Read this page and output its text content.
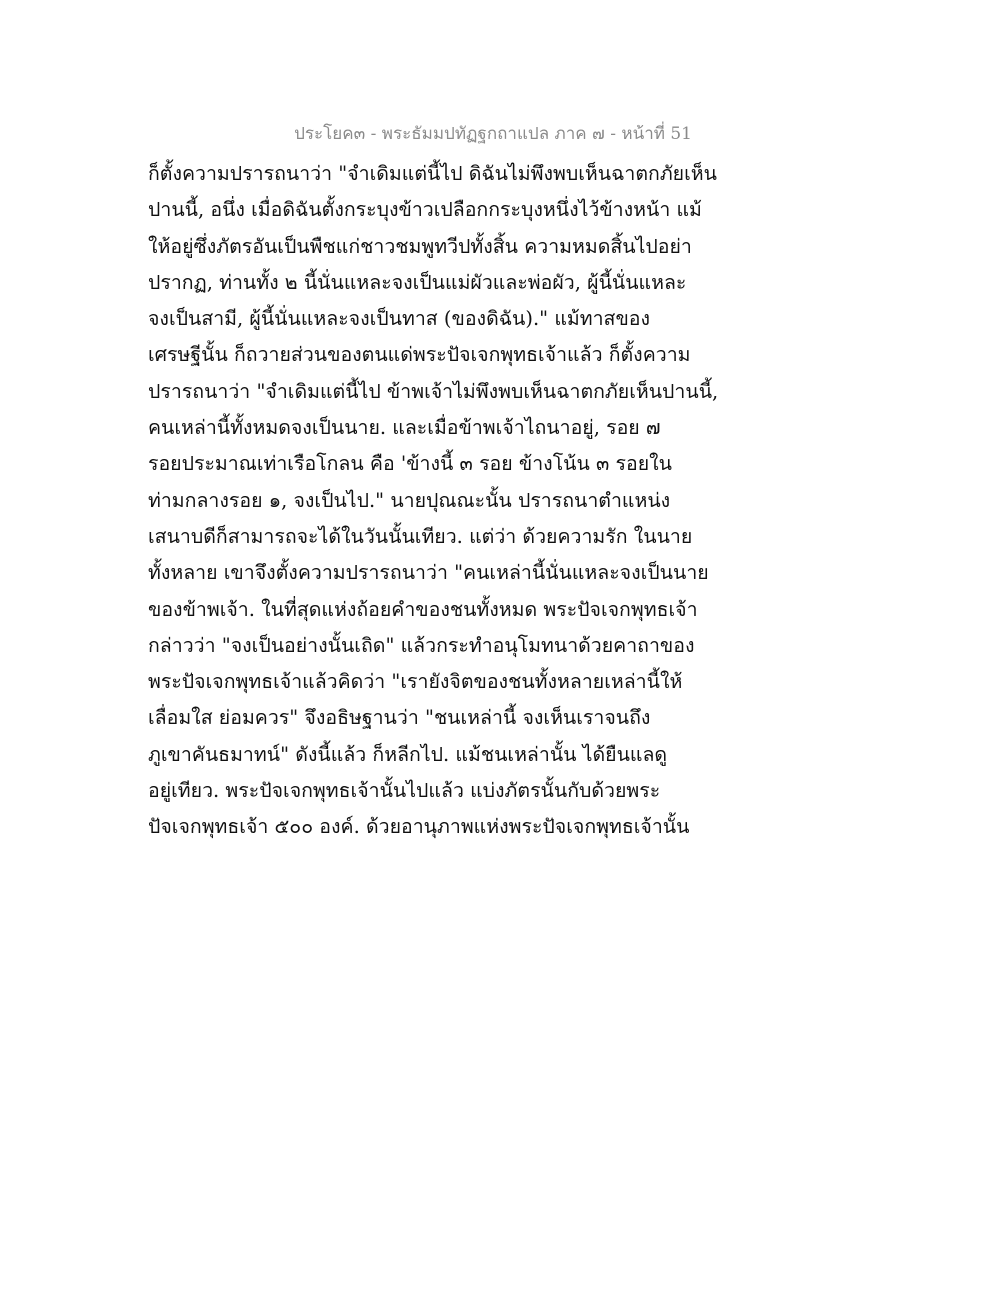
ประโยค๓ - พระธัมมปทัฏฐกถาแปล ภาค ๗ - หน้าที่ 51
ก็ตั้งความปรารถนาว่า "จำเดิมแต่นี้ไป ดิฉันไม่พึงพบเห็นฉาตกภัยเห็น
ปานนี้, อนึ่ง เมื่อดิฉันตั้งกระบุงข้าวเปลือกกระบุงหนึ่งไว้ข้างหน้า แม้
ให้อยู่ซึ่งภัตรอันเป็นพืชแก่ชาวชมพูทวีปทั้งสิ้น ความหมดสิ้นไปอย่า
ปรากฏ, ท่านทั้ง ๒ นี้นั่นแหละจงเป็นแม่ผัวและพ่อผัว, ผู้นี้นั่นแหละ
จงเป็นสามี, ผู้นี้นั่นแหละจงเป็นทาส (ของดิฉัน)." แม้ทาสของ
เศรษฐีนั้น ก็ถวายส่วนของตนแด่พระปัจเจกพุทธเจ้าแล้ว ก็ตั้งความ
ปรารถนาว่า "จำเดิมแต่นี้ไป ข้าพเจ้าไม่พึงพบเห็นฉาตกภัยเห็นปานนี้,
คนเหล่านี้ทั้งหมดจงเป็นนาย. และเมื่อข้าพเจ้าไถนาอยู่, รอย ๗
รอยประมาณเท่าเรือโกลน คือ 'ข้างนี้ ๓ รอย ข้างโน้น ๓ รอยใน
ท่ามกลางรอย ๑, จงเป็นไป." นายปุณณะนั้น ปรารถนาตำแหน่ง
เสนาบดีก็สามารถจะได้ในวันนั้นเทียว. แต่ว่า ด้วยความรัก ในนาย
ทั้งหลาย เขาจึงตั้งความปรารถนาว่า "คนเหล่านี้นั่นแหละจงเป็นนาย
ของข้าพเจ้า. ในที่สุดแห่งถ้อยคำของชนทั้งหมด พระปัจเจกพุทธเจ้า
กล่าวว่า "จงเป็นอย่างนั้นเถิด" แล้วกระทำอนุโมทนาด้วยคาถาของ
พระปัจเจกพุทธเจ้าแล้วคิดว่า "เรายังจิตของชนทั้งหลายเหล่านี้ให้
เลื่อมใส ย่อมควร" จึงอธิษฐานว่า "ชนเหล่านี้ จงเห็นเราจนถึง
ภูเขาคันธมาทน์" ดังนี้แล้ว ก็หลีกไป. แม้ชนเหล่านั้น ได้ยืนแลดู
อยู่เทียว. พระปัจเจกพุทธเจ้านั้นไปแล้ว แบ่งภัตรนั้นกับด้วยพระ
ปัจเจกพุทธเจ้า ๕๐๐ องค์. ด้วยอานุภาพแห่งพระปัจเจกพุทธเจ้านั้น
